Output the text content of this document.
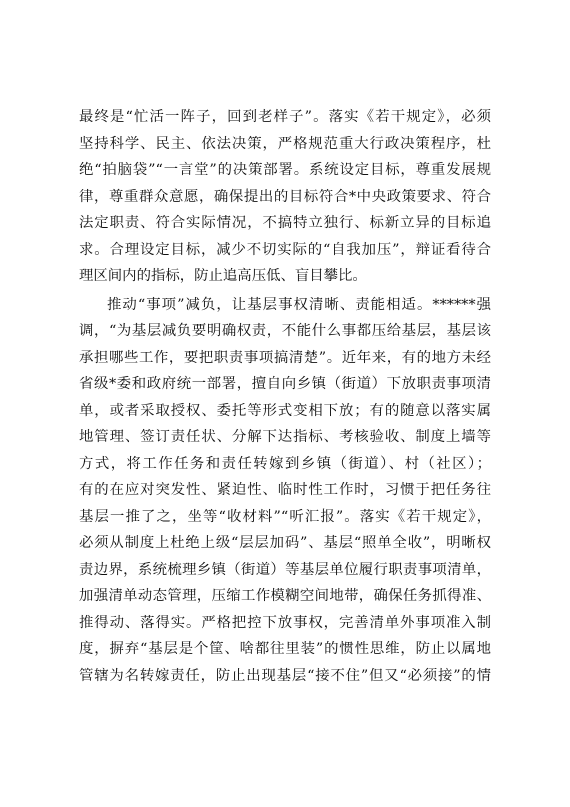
最终是“忙活一阵子，回到老样子”。落实《若干规定》，必须
坚持科学、民主、依法决策，严格规范重大行政决策程序，杜
绝“拍脑袋”“一言堂”的决策部署。系统设定目标，尊重发展规
律，尊重群众意愿，确保提出的目标符合*中央政策要求、符合
法定职责、符合实际情况，不搞特立独行、标新立异的目标追
求。合理设定目标，减少不切实际的“自我加压”，辩证看待合
理区间内的指标，防止追高压低、盲目攀比。
推动“事项”减负，让基层事权清晰、责能相适。******强
调，“为基层减负要明确权责，不能什么事都压给基层，基层该
承担哪些工作，要把职责事项搞清楚”。近年来，有的地方未经
省级*委和政府统一部署，擅自向乡镇（街道）下放职责事项清
单，或者采取授权、委托等形式变相下放；有的随意以落实属
地管理、签订责任状、分解下达指标、考核验收、制度上墙等
方式，将工作任务和责任转嫁到乡镇（街道）、村（社区）；
有的在应对突发性、紧迫性、临时性工作时，习惯于把任务往
基层一推了之，坐等“收材料”“听汇报”。落实《若干规定》，
必须从制度上杜绝上级“层层加码”、基层“照单全收”，明晰权
责边界，系统梳理乡镇（街道）等基层单位履行职责事项清单，
加强清单动态管理，压缩工作模糊空间地带，确保任务抓得准、
推得动、落得实。严格把控下放事权，完善清单外事项准入制
度，摒弃“基层是个筐、啥都往里装”的惯性思维，防止以属地
管辖为名转嫁责任，防止出现基层“接不住”但又“必须接”的情
